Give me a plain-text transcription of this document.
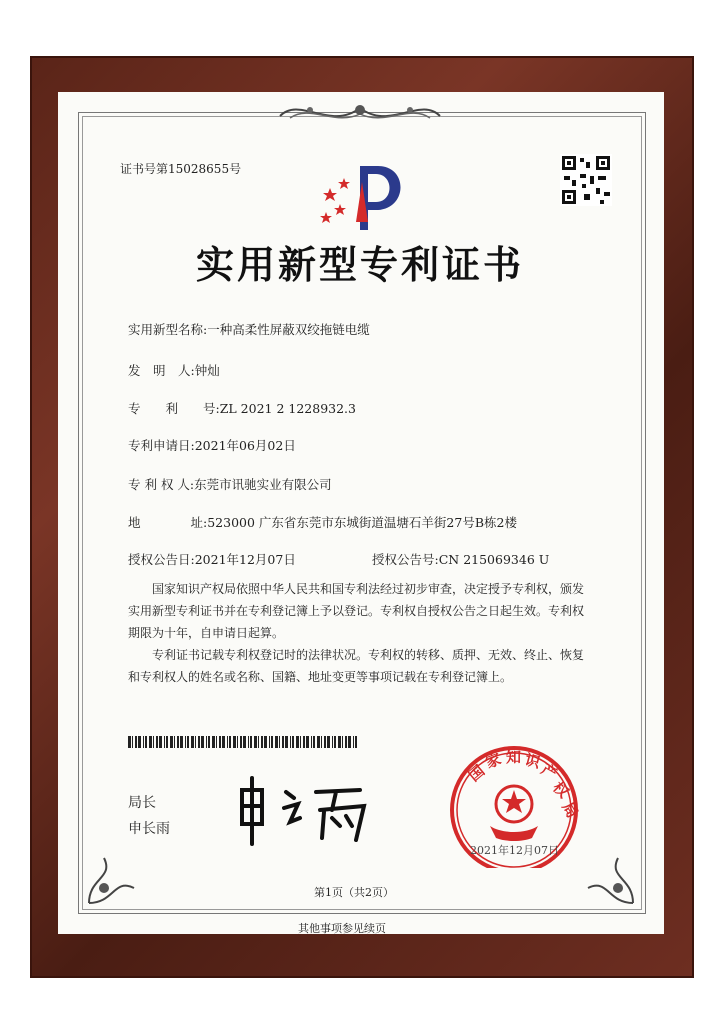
证书号第15028655号
实用新型专利证书
实用新型名称:一种高柔性屏蔽双绞拖链电缆
发　明　人:钟灿
专　　利　　号:ZL 2021 2 1228932.3
专利申请日:2021年06月02日
专 利 权 人:东莞市讯驰实业有限公司
地　　　　址:523000 广东省东莞市东城街道温塘石羊街27号B栋2楼
授权公告日:2021年12月07日	授权公告号:CN 215069346 U
国家知识产权局依照中华人民共和国专利法经过初步审查，决定授予专利权，颁发实用新型专利证书并在专利登记簿上予以登记。专利权自授权公告之日起生效。专利权期限为十年，自申请日起算。
专利证书记载专利权登记时的法律状况。专利权的转移、质押、无效、终止、恢复和专利权人的姓名或名称、国籍、地址变更等事项记载在专利登记簿上。
局长
申长雨
国
家 知 识
产
权
局
2021年12月07日
第1页（共2页）
其他事项参见续页
